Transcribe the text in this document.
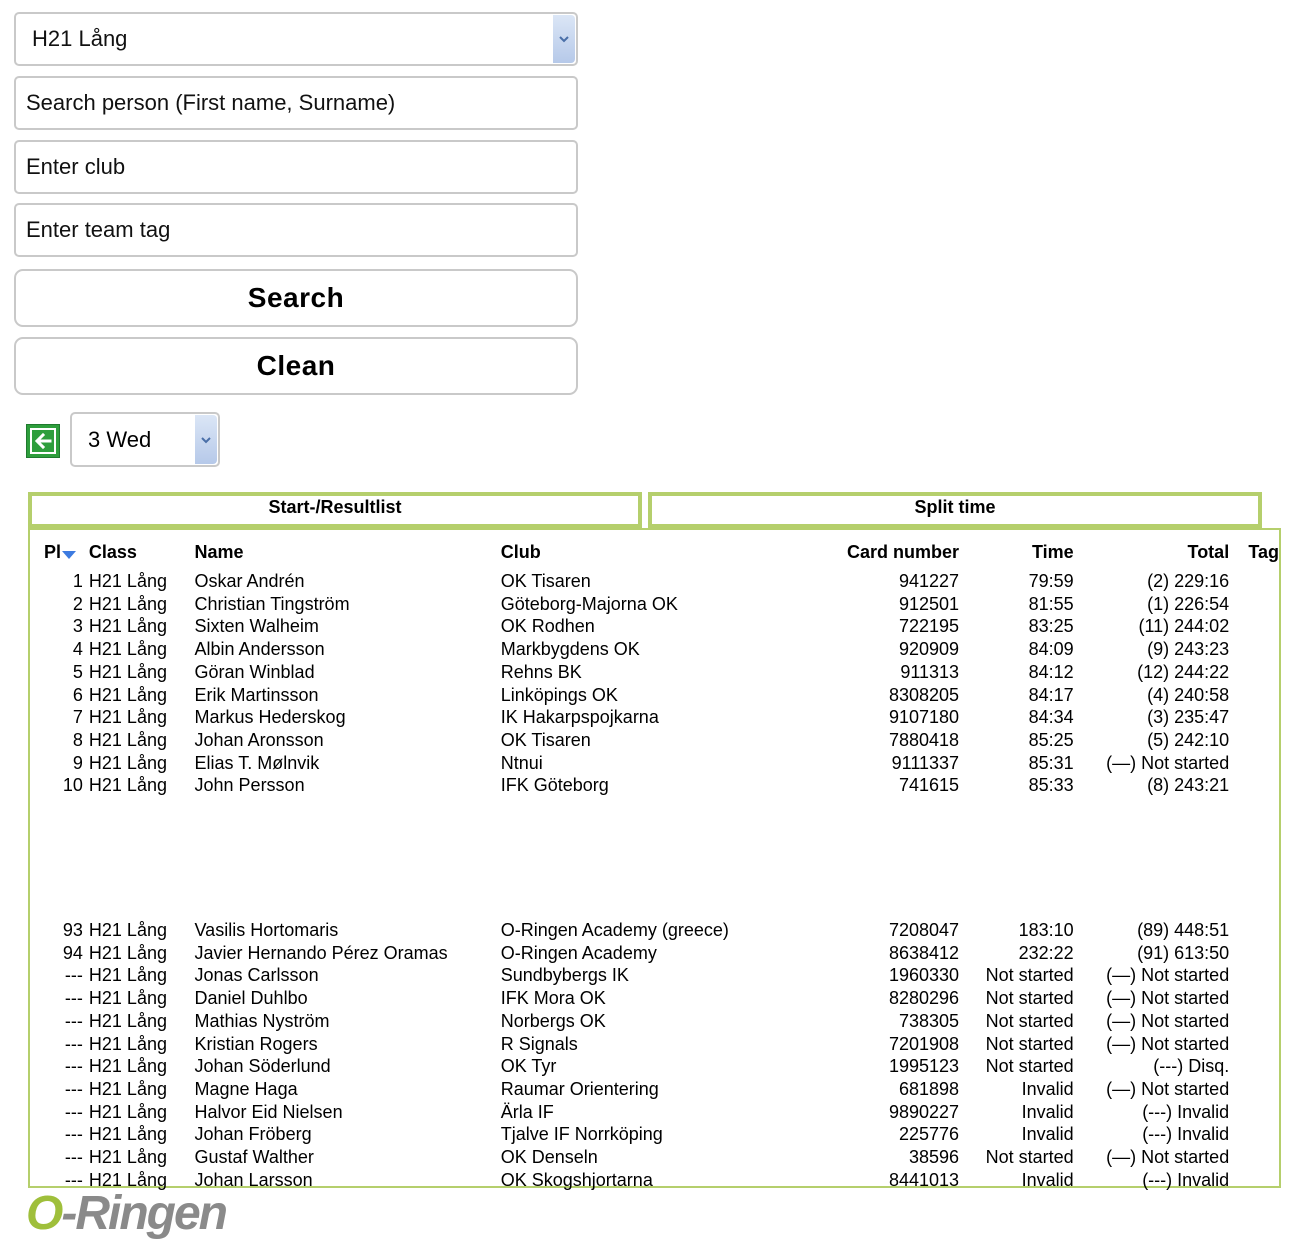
H21 Lång
Search person (First name, Surname)
Enter club
Enter team tag
Search
Clean
3 Wed
Start-/Resultlist	Split time
Pl	Class	Name	Club	Card number	Time	Total	Tag
1	H21 Lång	Oskar Andrén	OK Tisaren	941227	79:59	(2) 229:16	
2	H21 Lång	Christian Tingström	Göteborg-Majorna OK	912501	81:55	(1) 226:54	
3	H21 Lång	Sixten Walheim	OK Rodhen	722195	83:25	(11) 244:02	
4	H21 Lång	Albin Andersson	Markbygdens OK	920909	84:09	(9) 243:23	
5	H21 Lång	Göran Winblad	Rehns BK	911313	84:12	(12) 244:22	
6	H21 Lång	Erik Martinsson	Linköpings OK	8308205	84:17	(4) 240:58	
7	H21 Lång	Markus Hederskog	IK Hakarpspojkarna	9107180	84:34	(3) 235:47	
8	H21 Lång	Johan Aronsson	OK Tisaren	7880418	85:25	(5) 242:10	
9	H21 Lång	Elias T. Mølnvik	Ntnui	9111337	85:31	(—) Not started	
10	H21 Lång	John Persson	IFK Göteborg	741615	85:33	(8) 243:21	

93	H21 Lång	Vasilis Hortomaris	O-Ringen Academy (greece)	7208047	183:10	(89) 448:51	
94	H21 Lång	Javier Hernando Pérez Oramas	O-Ringen Academy	8638412	232:22	(91) 613:50	
---	H21 Lång	Jonas Carlsson	Sundbybergs IK	1960330	Not started	(—) Not started	
---	H21 Lång	Daniel Duhlbo	IFK Mora OK	8280296	Not started	(—) Not started	
---	H21 Lång	Mathias Nyström	Norbergs OK	738305	Not started	(—) Not started	
---	H21 Lång	Kristian Rogers	R Signals	7201908	Not started	(—) Not started	
---	H21 Lång	Johan Söderlund	OK Tyr	1995123	Not started	(---) Disq.	
---	H21 Lång	Magne Haga	Raumar Orientering	681898	Invalid	(—) Not started	
---	H21 Lång	Halvor Eid Nielsen	Ärla IF	9890227	Invalid	(---) Invalid	
---	H21 Lång	Johan Fröberg	Tjalve IF Norrköping	225776	Invalid	(---) Invalid	
---	H21 Lång	Gustaf Walther	OK Denseln	38596	Not started	(—) Not started	
---	H21 Lång	Johan Larsson	OK Skogshjortarna	8441013	Invalid	(---) Invalid	
O-Ringen
